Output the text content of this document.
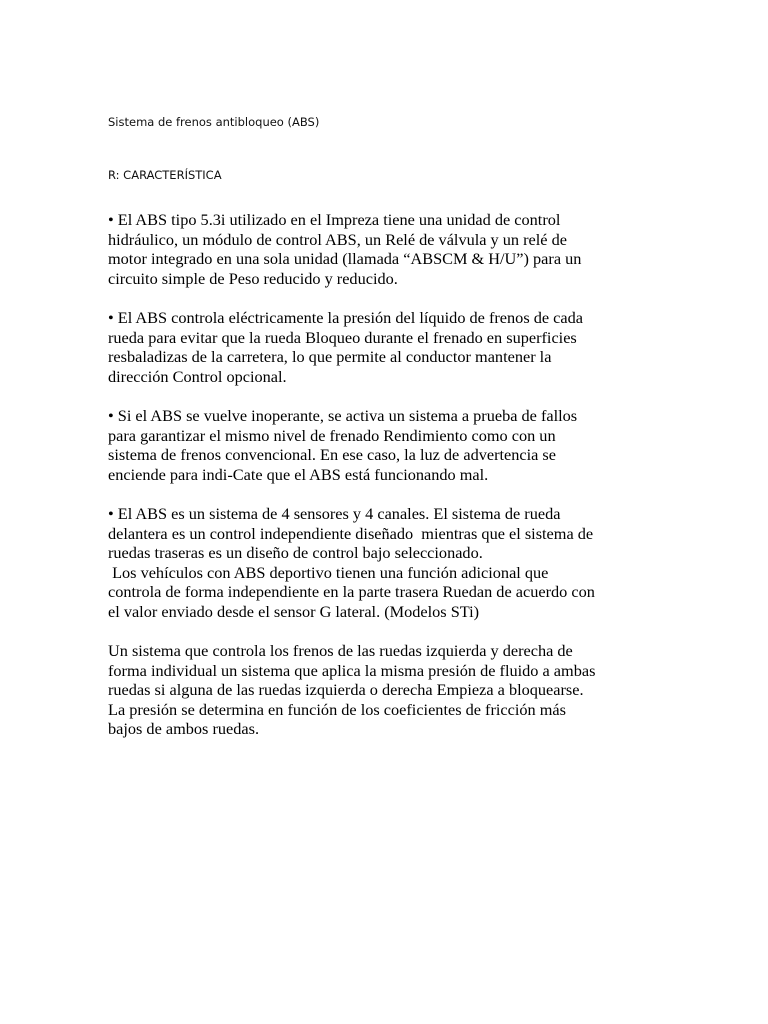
Sistema de frenos antibloqueo (ABS)
R: CARACTERÍSTICA
• El ABS tipo 5.3i utilizado en el Impreza tiene una unidad de control
hidráulico, un módulo de control ABS, un Relé de válvula y un relé de
motor integrado en una sola unidad (llamada “ABSCM & H/U”) para un
circuito simple de Peso reducido y reducido.
• El ABS controla eléctricamente la presión del líquido de frenos de cada
rueda para evitar que la rueda Bloqueo durante el frenado en superficies
resbaladizas de la carretera, lo que permite al conductor mantener la
dirección Control opcional.
• Si el ABS se vuelve inoperante, se activa un sistema a prueba de fallos
para garantizar el mismo nivel de frenado Rendimiento como con un
sistema de frenos convencional. En ese caso, la luz de advertencia se
enciende para indi-Cate que el ABS está funcionando mal.
• El ABS es un sistema de 4 sensores y 4 canales. El sistema de rueda
delantera es un control independiente diseñado  mientras que el sistema de
ruedas traseras es un diseño de control bajo seleccionado.
Los vehículos con ABS deportivo tienen una función adicional que
controla de forma independiente en la parte trasera Ruedan de acuerdo con
el valor enviado desde el sensor G lateral. (Modelos STi)
Un sistema que controla los frenos de las ruedas izquierda y derecha de
forma individual un sistema que aplica la misma presión de fluido a ambas
ruedas si alguna de las ruedas izquierda o derecha Empieza a bloquearse.
La presión se determina en función de los coeficientes de fricción más
bajos de ambos ruedas.
